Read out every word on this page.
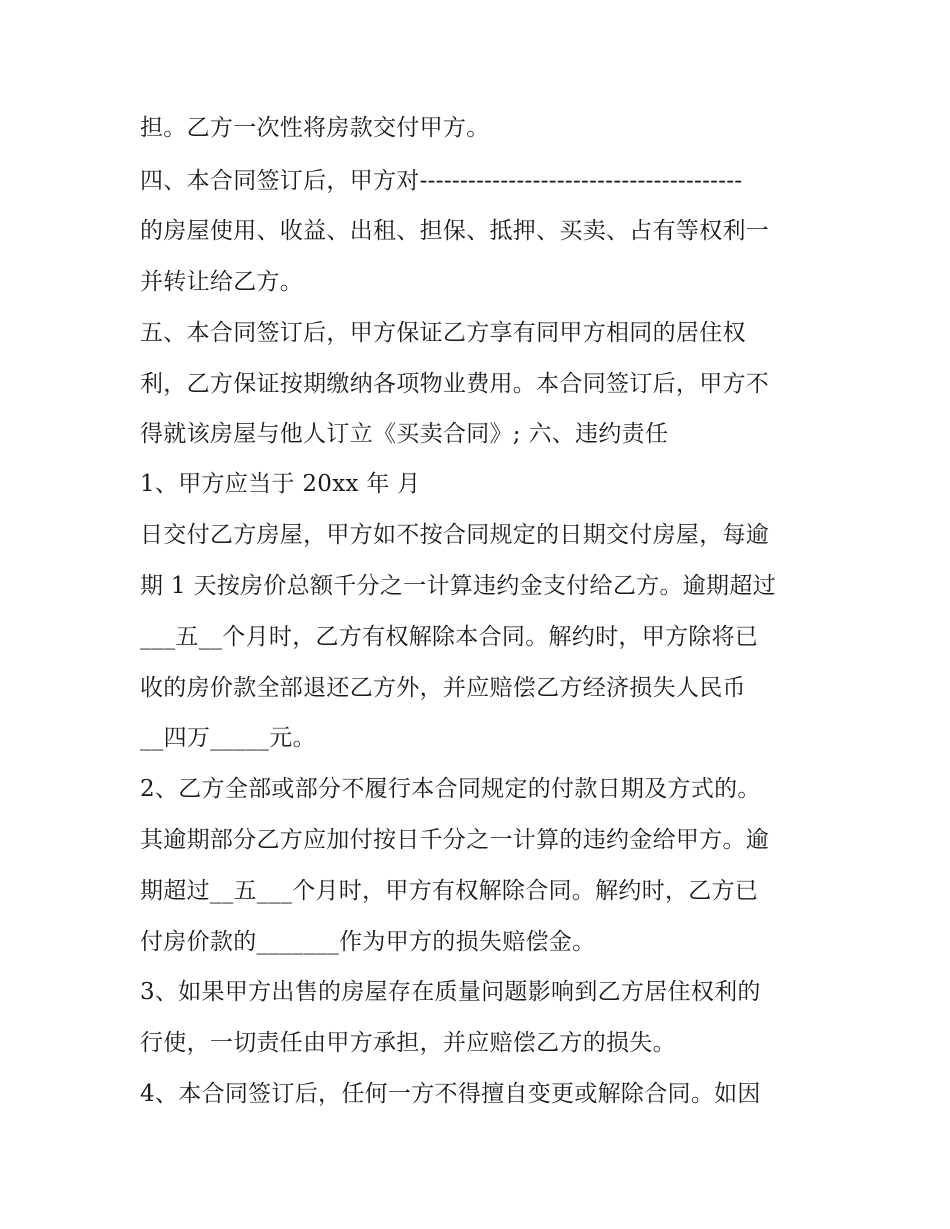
担。乙方一次性将房款交付甲方。
四、本合同签订后，甲方对----------------------------------------
的房屋使用、收益、出租、担保、抵押、买卖、占有等权利一
并转让给乙方。
五、本合同签订后，甲方保证乙方享有同甲方相同的居住权
利，乙方保证按期缴纳各项物业费用。本合同签订后，甲方不
得就该房屋与他人订立《买卖合同》; 六、违约责任
1、甲方应当于 20xx 年 月
日交付乙方房屋，甲方如不按合同规定的日期交付房屋，每逾
期 1 天按房价总额千分之一计算违约金支付给乙方。逾期超过
___五__个月时，乙方有权解除本合同。解约时，甲方除将已
收的房价款全部退还乙方外，并应赔偿乙方经济损失人民币
__四万_____元。
2、乙方全部或部分不履行本合同规定的付款日期及方式的。
其逾期部分乙方应加付按日千分之一计算的违约金给甲方。逾
期超过__五___个月时，甲方有权解除合同。解约时，乙方已
付房价款的_______作为甲方的损失赔偿金。
3、如果甲方出售的房屋存在质量问题影响到乙方居住权利的
行使，一切责任由甲方承担，并应赔偿乙方的损失。
4、本合同签订后，任何一方不得擅自变更或解除合同。如因
